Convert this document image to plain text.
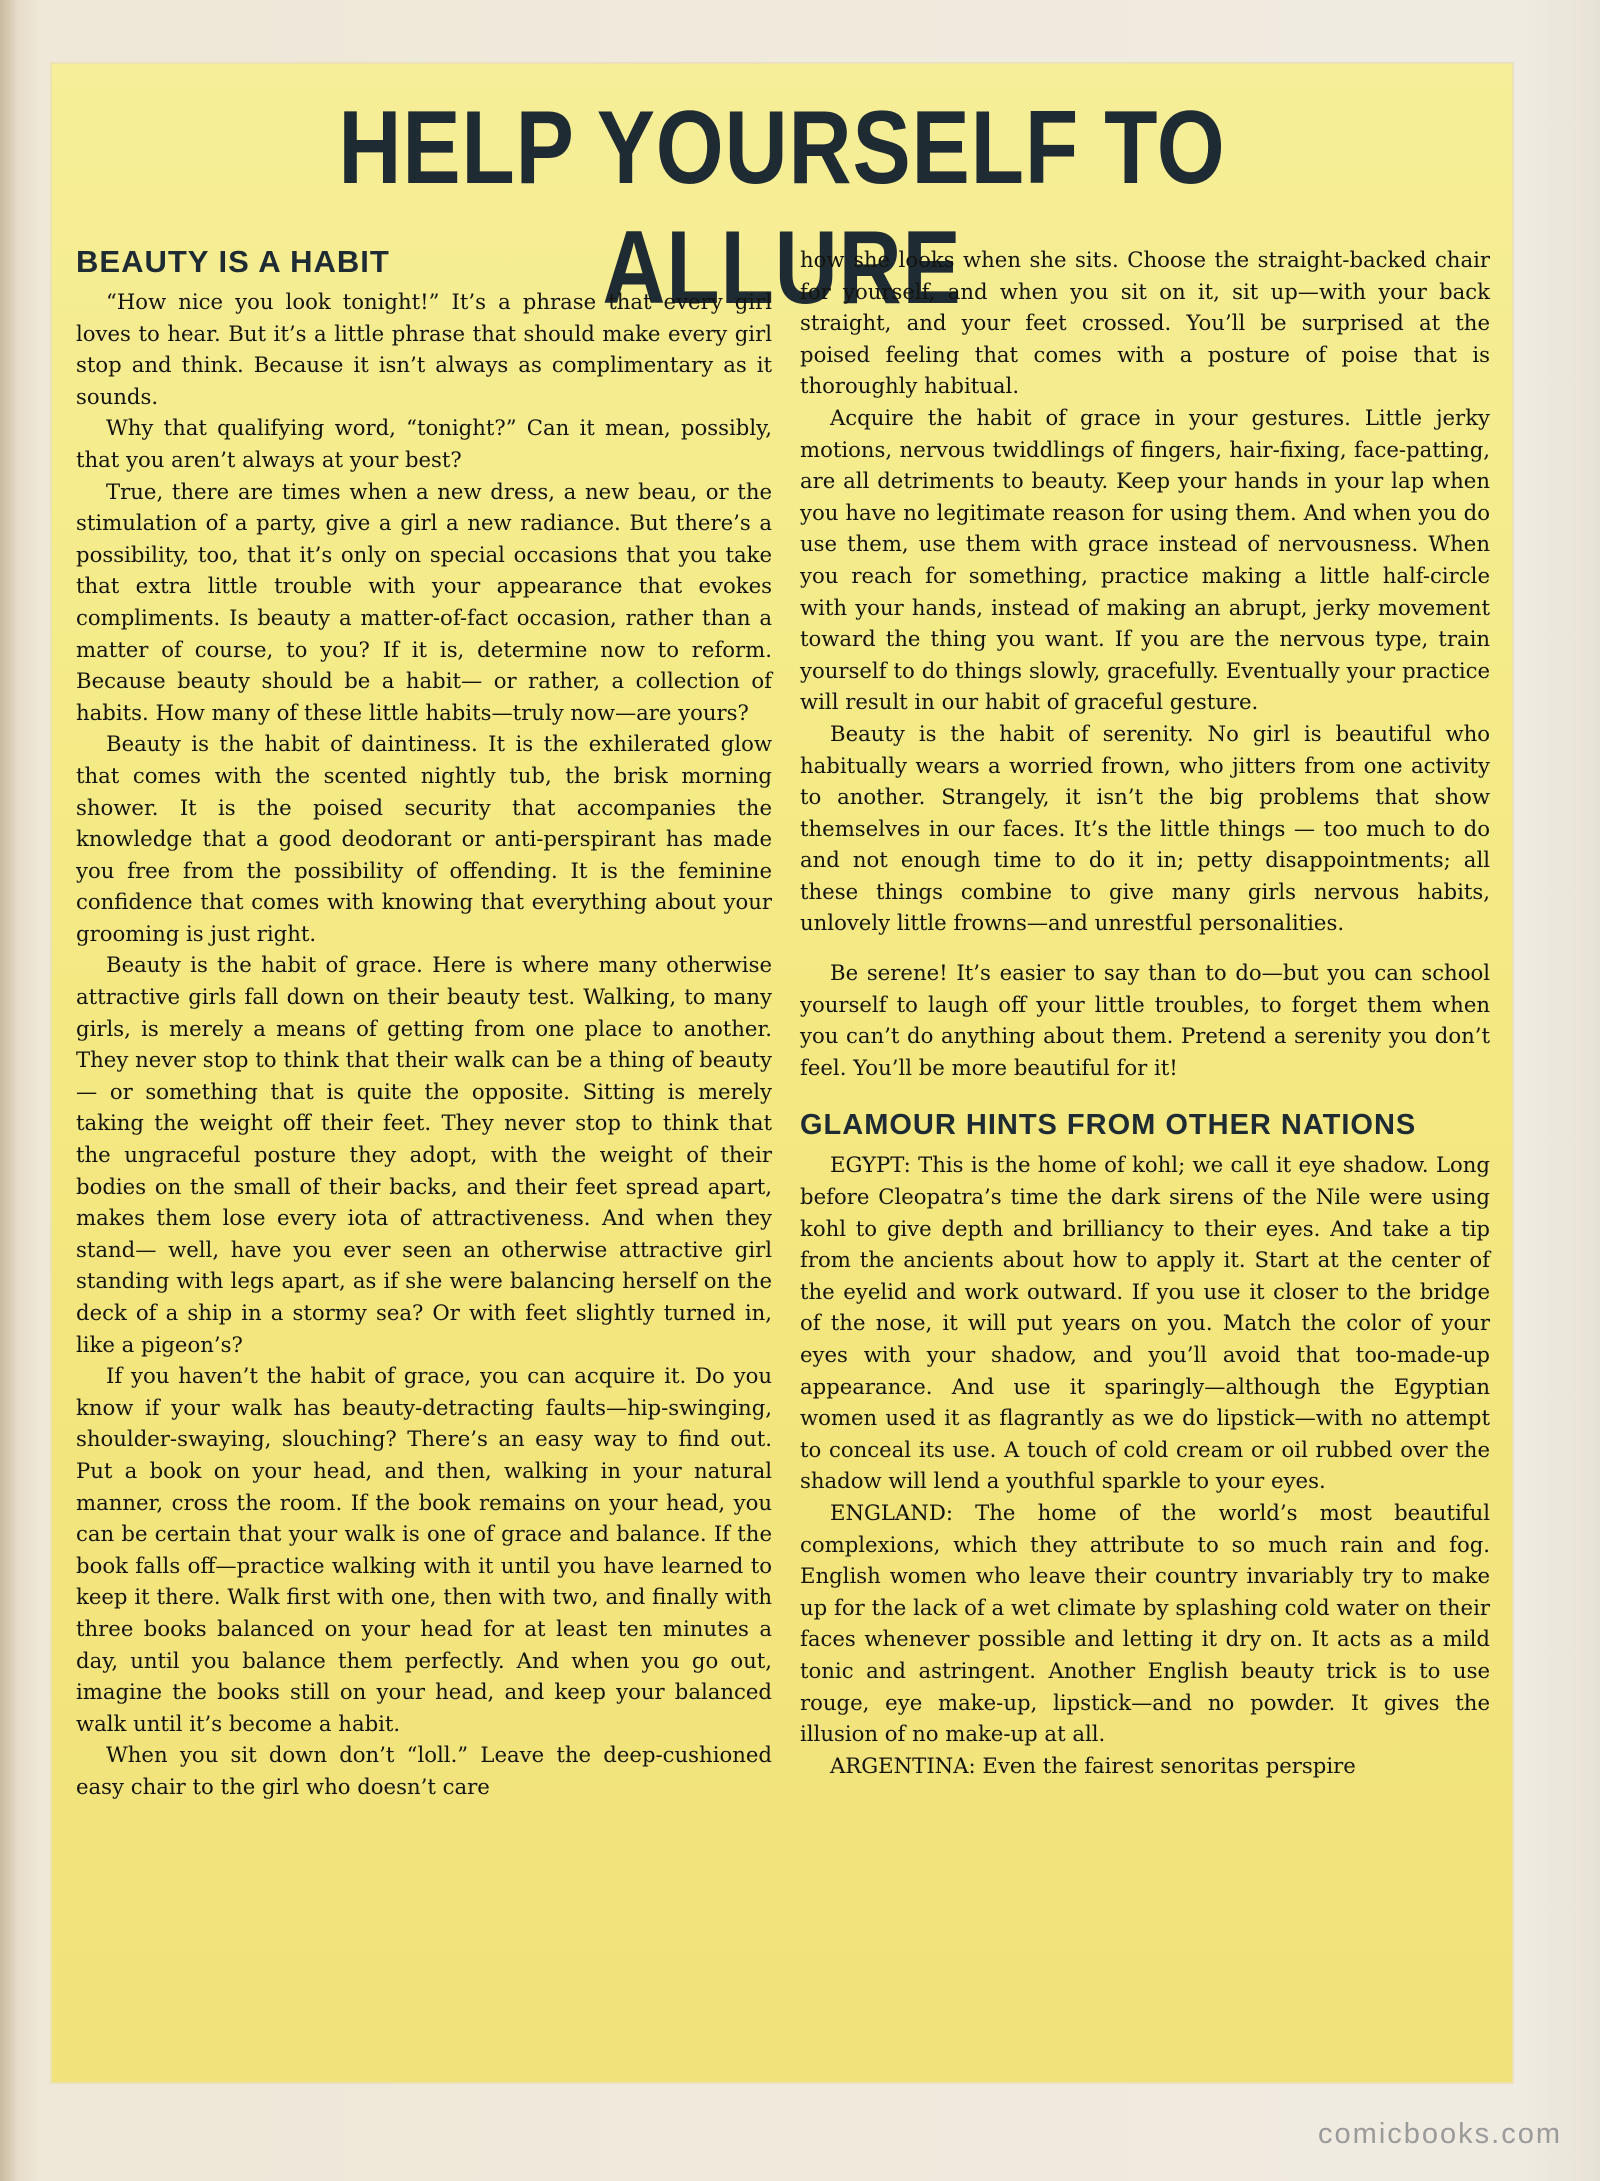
HELP YOURSELF TO ALLURE
BEAUTY IS A HABIT

“How nice you look tonight!” It’s a phrase that every girl loves to hear. But it’s a little phrase that should make every girl stop and think. Because it isn’t always as complimentary as it sounds.

Why that qualifying word, “tonight?” Can it mean, possibly, that you aren’t always at your best?

True, there are times when a new dress, a new beau, or the stimulation of a party, give a girl a new radiance. But there’s a possibility, too, that it’s only on special occasions that you take that extra little trouble with your appearance that evokes compliments. Is beauty a matter-of-fact occasion, rather than a matter of course, to you? If it is, determine now to reform. Because beauty should be a habit— or rather, a collection of habits. How many of these little habits—truly now—are yours?

Beauty is the habit of daintiness. It is the exhilerated glow that comes with the scented nightly tub, the brisk morning shower. It is the poised security that accompanies the knowledge that a good deodorant or anti-perspirant has made you free from the possibility of offending. It is the feminine confidence that comes with knowing that everything about your grooming is just right.

Beauty is the habit of grace. Here is where many otherwise attractive girls fall down on their beauty test. Walking, to many girls, is merely a means of getting from one place to another. They never stop to think that their walk can be a thing of beauty— or something that is quite the opposite. Sitting is merely taking the weight off their feet. They never stop to think that the ungraceful posture they adopt, with the weight of their bodies on the small of their backs, and their feet spread apart, makes them lose every iota of attractiveness. And when they stand— well, have you ever seen an otherwise attractive girl standing with legs apart, as if she were balancing herself on the deck of a ship in a stormy sea? Or with feet slightly turned in, like a pigeon’s?

If you haven’t the habit of grace, you can acquire it. Do you know if your walk has beauty-detracting faults—hip-swinging, shoulder-swaying, slouching? There’s an easy way to find out. Put a book on your head, and then, walking in your natural manner, cross the room. If the book remains on your head, you can be certain that your walk is one of grace and balance. If the book falls off—practice walking with it until you have learned to keep it there. Walk first with one, then with two, and finally with three books balanced on your head for at least ten minutes a day, until you balance them perfectly. And when you go out, imagine the books still on your head, and keep your balanced walk until it’s become a habit.

When you sit down don’t “loll.” Leave the deep-cushioned easy chair to the girl who doesn’t care

how she looks when she sits. Choose the straight-backed chair for yourself, and when you sit on it, sit up—with your back straight, and your feet crossed. You’ll be surprised at the poised feeling that comes with a posture of poise that is thoroughly habitual.

Acquire the habit of grace in your gestures. Little jerky motions, nervous twiddlings of fingers, hair-fixing, face-patting, are all detriments to beauty. Keep your hands in your lap when you have no legitimate reason for using them. And when you do use them, use them with grace instead of nervousness. When you reach for something, practice making a little half-circle with your hands, instead of making an abrupt, jerky movement toward the thing you want. If you are the nervous type, train yourself to do things slowly, gracefully. Eventually your practice will result in our habit of graceful gesture.

Beauty is the habit of serenity. No girl is beautiful who habitually wears a worried frown, who jitters from one activity to another. Strangely, it isn’t the big problems that show themselves in our faces. It’s the little things — too much to do and not enough time to do it in; petty disappointments; all these things combine to give many girls nervous habits, unlovely little frowns—and unrestful personalities.

Be serene! It’s easier to say than to do—but you can school yourself to laugh off your little troubles, to forget them when you can’t do anything about them. Pretend a serenity you don’t feel. You’ll be more beautiful for it!

GLAMOUR HINTS FROM OTHER NATIONS

EGYPT: This is the home of kohl; we call it eye shadow. Long before Cleopatra’s time the dark sirens of the Nile were using kohl to give depth and brilliancy to their eyes. And take a tip from the ancients about how to apply it. Start at the center of the eyelid and work outward. If you use it closer to the bridge of the nose, it will put years on you. Match the color of your eyes with your shadow, and you’ll avoid that too-made-up appearance. And use it sparingly—although the Egyptian women used it as flagrantly as we do lipstick—with no attempt to conceal its use. A touch of cold cream or oil rubbed over the shadow will lend a youthful sparkle to your eyes.

ENGLAND: The home of the world’s most beautiful complexions, which they attribute to so much rain and fog. English women who leave their country invariably try to make up for the lack of a wet climate by splashing cold water on their faces whenever possible and letting it dry on. It acts as a mild tonic and astringent. Another English beauty trick is to use rouge, eye make-up, lipstick—and no powder. It gives the illusion of no make-up at all.

ARGENTINA: Even the fairest senoritas perspire

comicbooks.com
